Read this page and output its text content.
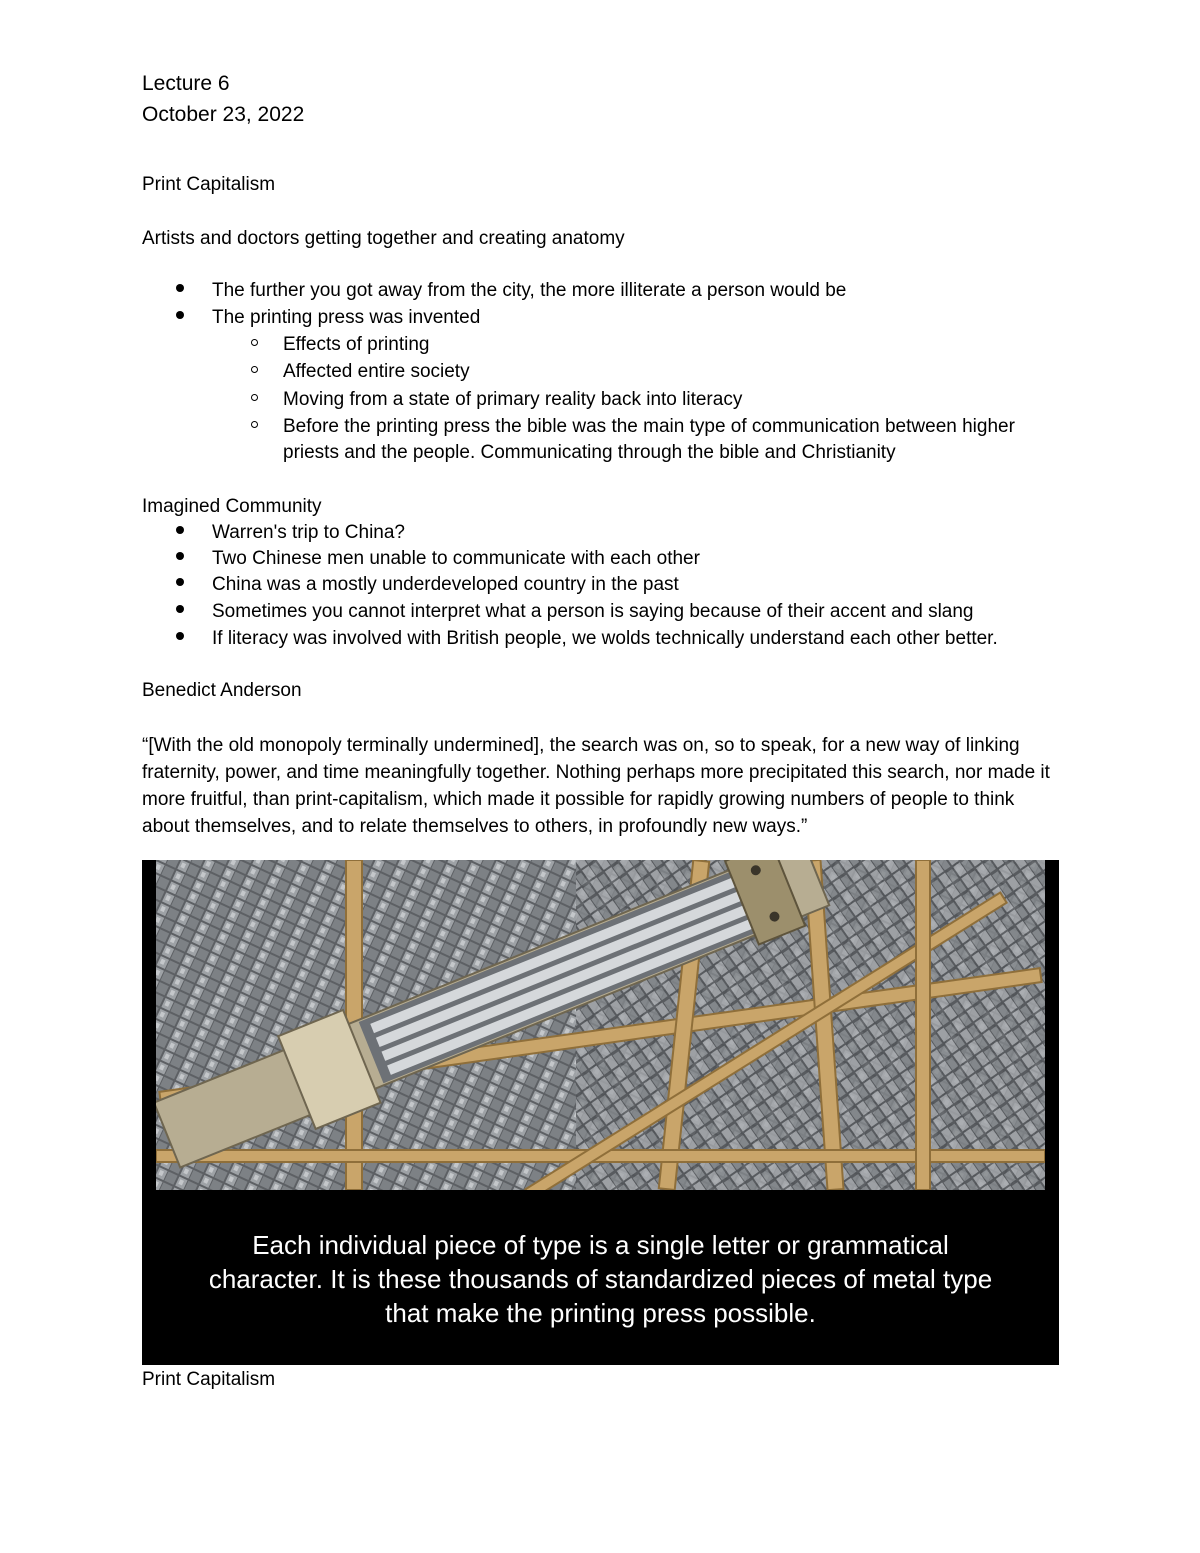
Lecture 6
October 23, 2022
Print Capitalism
Artists and doctors getting together and creating anatomy
The further you got away from the city, the more illiterate a person would be
The printing press was invented
Effects of printing
Affected entire society
Moving from a state of primary reality back into literacy
Before the printing press the bible was the main type of communication between higher
priests and the people. Communicating through the bible and Christianity
Imagined Community
Warren's trip to China?
Two Chinese men unable to communicate with each other
China was a mostly underdeveloped country in the past
Sometimes you cannot interpret what a person is saying because of their accent and slang
If literacy was involved with British people, we wolds technically understand each other better.
Benedict Anderson
“[With the old monopoly terminally undermined], the search was on, so to speak, for a new way of linking fraternity, power, and time meaningfully together. Nothing perhaps more precipitated this search, nor made it more fruitful, than print-capitalism, which made it possible for rapidly growing numbers of people to think about themselves, and to relate themselves to others, in profoundly new ways.”
Each individual piece of type is a single letter or grammatical
character. It is these thousands of standardized pieces of metal type
that make the printing press possible.
Print Capitalism
